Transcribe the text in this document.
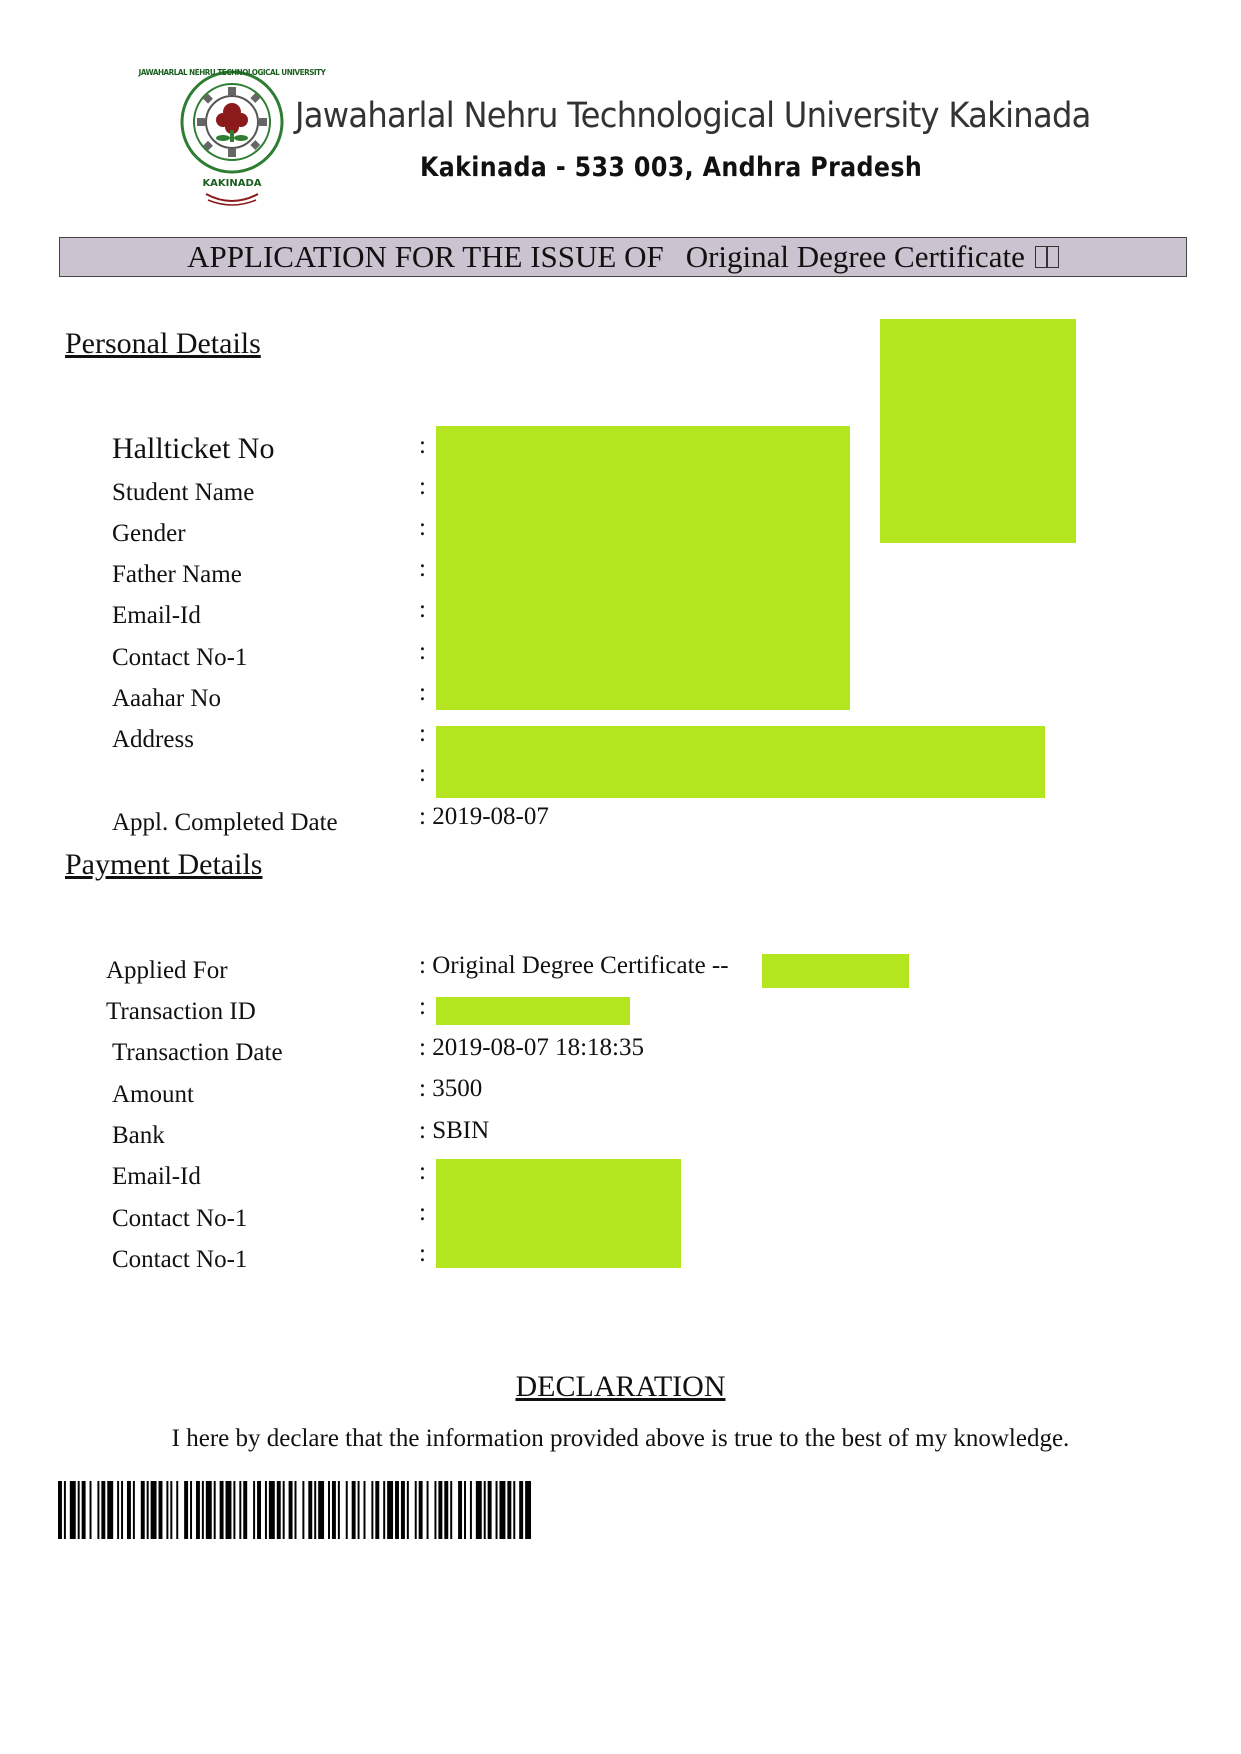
JAWAHARLAL NEHRU TECHNOLOGICAL UNIVERSITY
KAKINADA
Jawaharlal Nehru Technological University Kakinada
Kakinada - 533 003, Andhra Pradesh
APPLICATION FOR THE ISSUE OF Original Degree Certificate
Personal Details
Hallticket No
Student Name
Gender
Father Name
Email-Id
Contact No-1
Aaahar No
Address
Appl. Completed Date
:
:
:
:
:
:
:
:
:
: 2019-08-07
Payment Details
Applied For
Transaction ID
Transaction Date
Amount
Bank
Email-Id
Contact No-1
Contact No-1
: Original Degree Certificate --
:
: 2019-08-07 18:18:35
: 3500
: SBIN
:
:
:
DECLARATION
I here by declare that the information provided above is true to the best of my knowledge.
